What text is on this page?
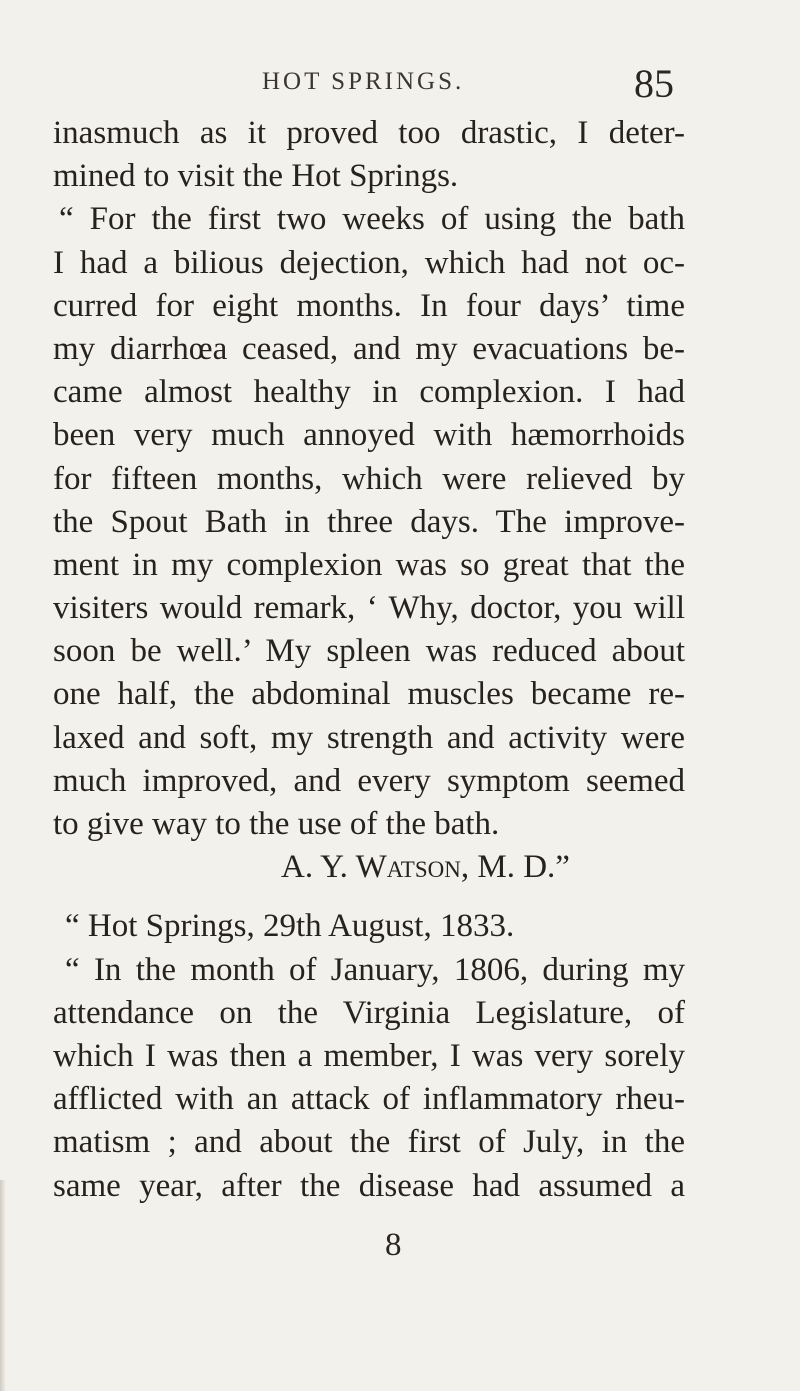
HOT SPRINGS.	85
inasmuch as it proved too drastic, I deter-
mined to visit the Hot Springs.
“ For the first two weeks of using the bath
I had a bilious dejection, which had not oc-
curred for eight months. In four days’ time
my diarrhœa ceased, and my evacuations be-
came almost healthy in complexion. I had
been very much annoyed with hæmorrhoids
for fifteen months, which were relieved by
the Spout Bath in three days. The improve-
ment in my complexion was so great that the
visiters would remark, ‘ Why, doctor, you will
soon be well.’ My spleen was reduced about
one half, the abdominal muscles became re-
laxed and soft, my strength and activity were
much improved, and every symptom seemed
to give way to the use of the bath.
A. Y. Watson, M. D.”
“ Hot Springs, 29th August, 1833.
“ In the month of January, 1806, during my
attendance on the Virginia Legislature, of
which I was then a member, I was very sorely
afflicted with an attack of inflammatory rheu-
matism ; and about the first of July, in the
same year, after the disease had assumed a
8
